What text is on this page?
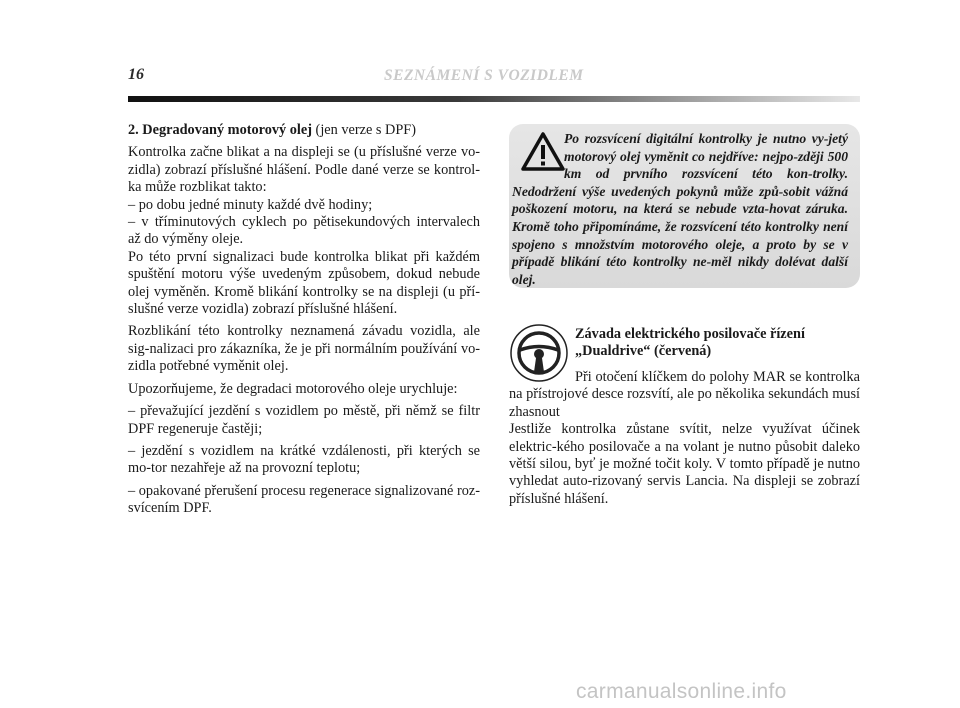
16	SEZNÁMENÍ S VOZIDLEM

2. Degradovaný motorový olej (jen verze s DPF)

Kontrolka začne blikat a na displeji se (u příslušné verze vo-zidla) zobrazí příslušné hlášení. Podle dané verze se kontrol-ka může rozblikat takto:
– po dobu jedné minuty každé dvě hodiny;
– v tříminutových cyklech po pětisekundových intervalech až do výměny oleje.
Po této první signalizaci bude kontrolka blikat při každém spuštění motoru výše uvedeným způsobem, dokud nebude olej vyměněn. Kromě blikání kontrolky se na displeji (u pří-slušné verze vozidla) zobrazí příslušné hlášení.

Rozblikání této kontrolky neznamená závadu vozidla, ale sig-nalizaci pro zákazníka, že je při normálním používání vo-zidla potřebné vyměnit olej.

Upozorňujeme, že degradaci motorového oleje urychluje:

– převažující jezdění s vozidlem po městě, při němž se filtr DPF regeneruje častěji;

– jezdění s vozidlem na krátké vzdálenosti, při kterých se mo-tor nezahřeje až na provozní teplotu;

– opakované přerušení procesu regenerace signalizované roz-svícením DPF.

Po rozsvícení digitální kontrolky je nutno vy-jetý motorový olej vyměnit co nejdříve: nejpo-zději 500 km od prvního rozsvícení této kon-trolky. Nedodržení výše uvedených pokynů může způ-sobit vážná poškození motoru, na která se nebude vzta-hovat záruka. Kromě toho připomínáme, že rozsvícení této kontrolky není spojeno s množstvím motorového oleje, a proto by se v případě blikání této kontrolky ne-měl nikdy dolévat další olej.
Závada elektrického posilovače řízení
„Dualdrive“ (červená)

Při otočení klíčkem do polohy MAR se kontrolka na přístrojové desce rozsvítí, ale po několika sekundách musí zhasnout

Jestliže kontrolka zůstane svítit, nelze využívat účinek elektric-kého posilovače a na volant je nutno působit daleko větší silou, byť je možné točit koly. V tomto případě je nutno vyhledat auto-rizovaný servis Lancia. Na displeji se zobrazí příslušné hlášení.

carmanualsonline.info
